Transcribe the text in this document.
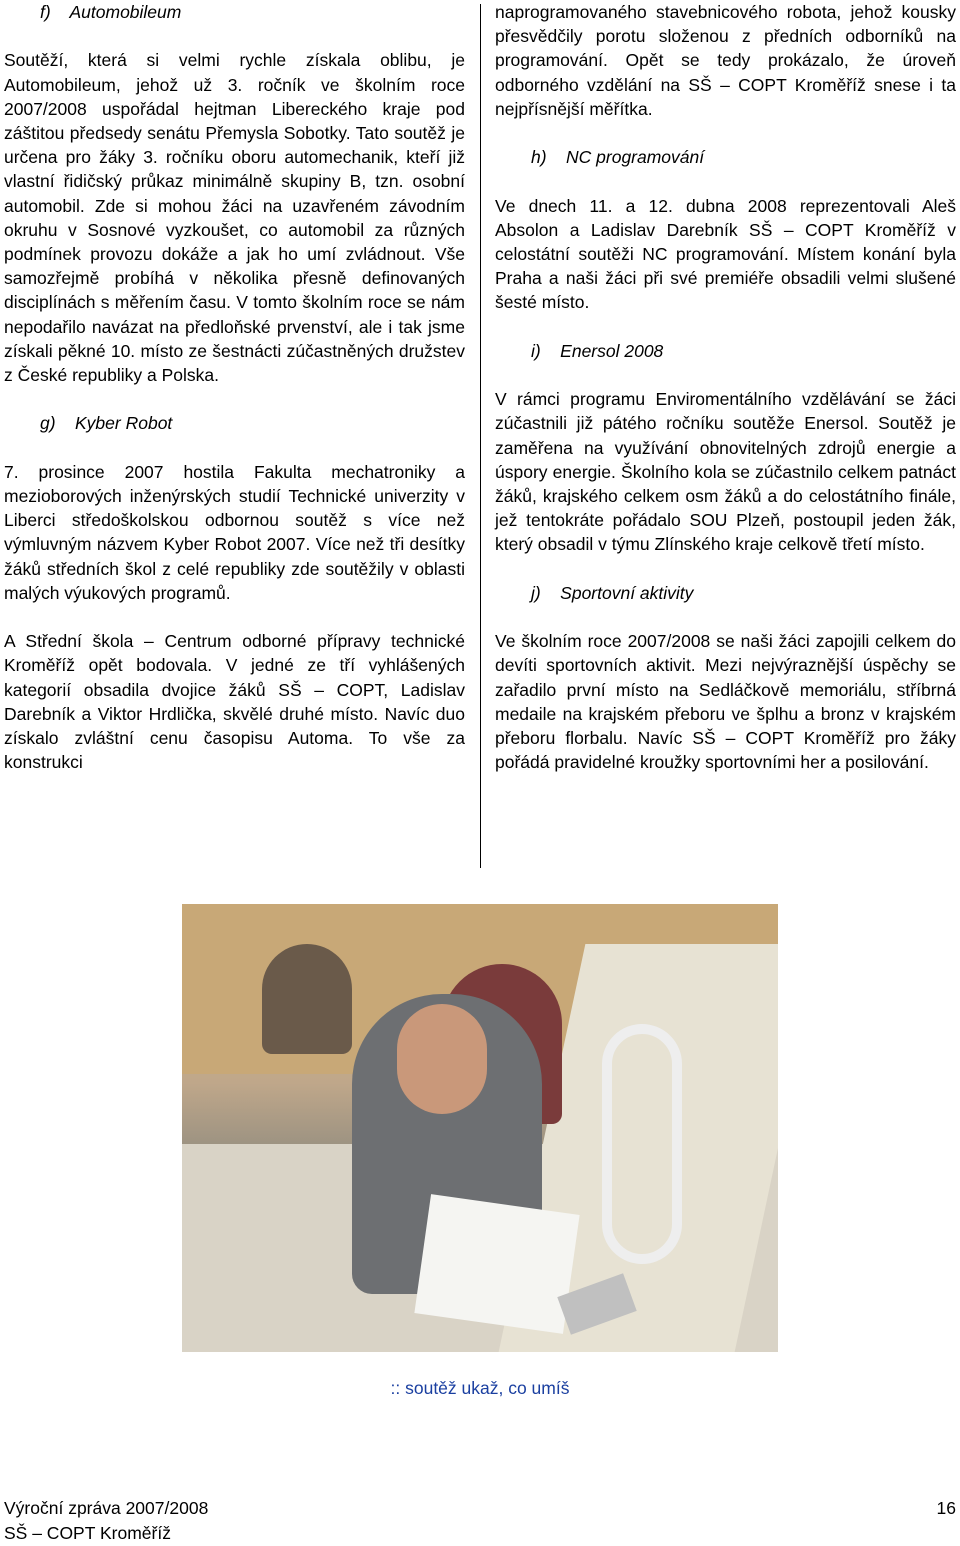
f)    Automobileum

Soutěží, která si velmi rychle získala oblibu, je Automobileum, jehož už 3. ročník ve školním roce 2007/2008 uspořádal hejtman Libereckého kraje pod záštitou předsedy senátu Přemysla Sobotky. Tato soutěž je určena pro žáky 3. ročníku oboru automechanik, kteří již vlastní řidičský průkaz minimálně skupiny B, tzn. osobní automobil. Zde si mohou žáci na uzavřeném závodním okruhu v Sosnové vyzkoušet, co automobil za různých podmínek provozu dokáže a jak ho umí zvládnout. Vše samozřejmě probíhá v několika přesně definovaných disciplínách s měřením času. V tomto školním roce se nám nepodařilo navázat na předloňské prvenství, ale i tak jsme získali pěkné 10. místo ze šestnácti zúčastněných družstev z České republiky a Polska.

g)    Kyber Robot

7. prosince 2007 hostila Fakulta mechatroniky a mezioborových inženýrských studií Technické univerzity v Liberci středoškolskou odbornou soutěž s více než výmluvným názvem Kyber Robot 2007. Více než tři desítky žáků středních škol z celé republiky zde soutěžily v oblasti malých výukových programů.

A Střední škola – Centrum odborné přípravy technické Kroměříž opět bodovala. V jedné ze tří vyhlášených kategorií obsadila dvojice žáků SŠ – COPT, Ladislav Darebník a Viktor Hrdlička, skvělé druhé místo. Navíc duo získalo zvláštní cenu časopisu Automa. To vše za konstrukci

naprogramovaného stavebnicového robota, jehož kousky přesvědčily porotu složenou z předních odborníků na programování. Opět se tedy prokázalo, že úroveň odborného vzdělání na SŠ – COPT Kroměříž snese i ta nejpřísnější měřítka.

h)    NC programování

Ve dnech 11. a 12. dubna 2008 reprezentovali Aleš Absolon a Ladislav Darebník SŠ – COPT Kroměříž v celostátní soutěži NC programování. Místem konání byla Praha a naši žáci při své premiéře obsadili velmi slušené šesté místo.

i)    Enersol 2008

V rámci programu Enviromentálního vzdělávání se žáci zúčastnili již pátého ročníku soutěže Enersol. Soutěž je zaměřena na využívání obnovitelných zdrojů energie a úspory energie. Školního kola se zúčastnilo celkem patnáct žáků, krajského celkem osm žáků a do celostátního finále, jež tentokráte pořádalo SOU Plzeň, postoupil jeden žák, který obsadil v týmu Zlínského kraje celkově třetí místo.

j)    Sportovní aktivity

Ve školním roce 2007/2008 se naši žáci zapojili celkem do devíti sportovních aktivit. Mezi nejvýraznější úspěchy se zařadilo první místo na Sedláčkově memoriálu, stříbrná medaile na krajském přeboru ve šplhu a bronz v krajském přeboru florbalu. Navíc SŠ – COPT Kroměříž pro žáky pořádá pravidelné kroužky sportovními her a posilování.

:: soutěž ukaž, co umíš
Výroční zpráva 2007/2008
SŠ – COPT Kroměříž
16
